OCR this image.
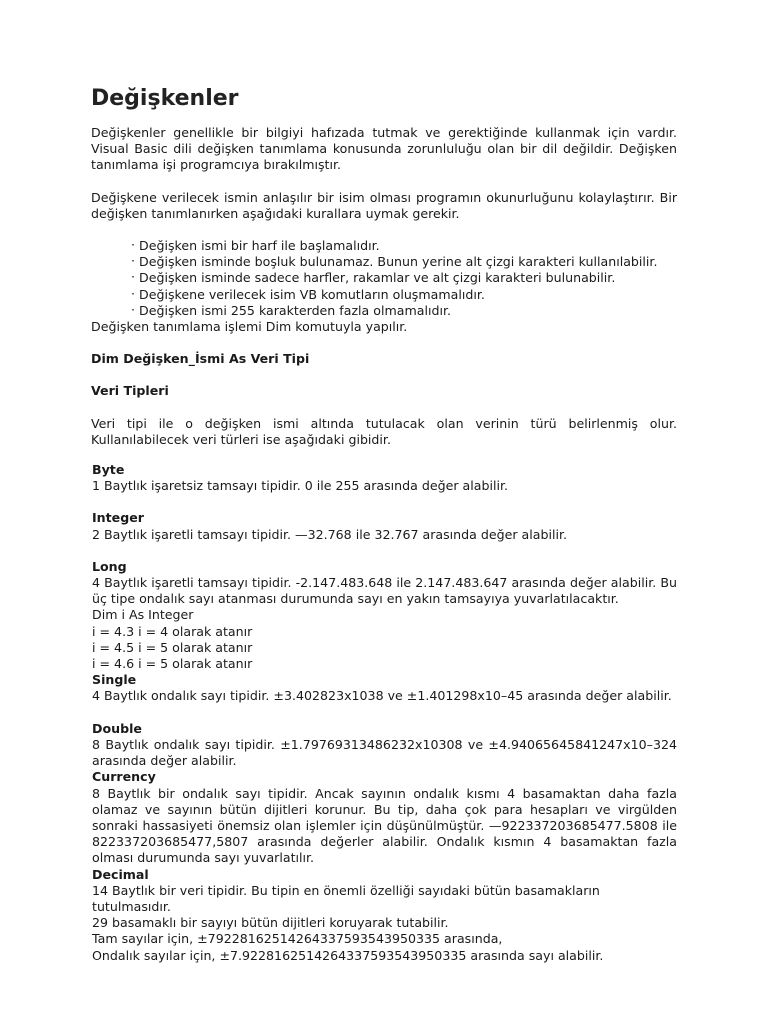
Değişkenler

Değişkenler genellikle bir bilgiyi hafızada tutmak ve gerektiğinde kullanmak için vardır. Visual Basic dili değişken tanımlama konusunda zorunluluğu olan bir dil değildir. Değişken tanımlama işi programcıya bırakılmıştır.

Değişkene verilecek ismin anlaşılır bir isim olması programın okunurluğunu kolaylaştırır. Bir değişken tanımlanırken aşağıdaki kurallara uymak gerekir.

· Değişken ismi bir harf ile başlamalıdır.
· Değişken isminde boşluk bulunamaz. Bunun yerine alt çizgi karakteri kullanılabilir.
· Değişken isminde sadece harfler, rakamlar ve alt çizgi karakteri bulunabilir.
· Değişkene verilecek isim VB komutların oluşmamalıdır.
· Değişken ismi 255 karakterden fazla olmamalıdır.

Değişken tanımlama işlemi Dim komutuyla yapılır.

Dim Değişken_İsmi As Veri Tipi

Veri Tipleri

Veri tipi ile o değişken ismi altında tutulacak olan verinin türü belirlenmiş olur. Kullanılabilecek veri türleri ise aşağıdaki gibidir.

Byte

1 Baytlık işaretsiz tamsayı tipidir. 0 ile 255 arasında değer alabilir.

Integer

2 Baytlık işaretli tamsayı tipidir. —32.768 ile 32.767 arasında değer alabilir.

Long

4 Baytlık işaretli tamsayı tipidir. -2.147.483.648 ile 2.147.483.647 arasında değer alabilir. Bu üç tipe ondalık sayı atanması durumunda sayı en yakın tamsayıya yuvarlatılacaktır.

Dim i As Integer

i = 4.3 i = 4 olarak atanır

i = 4.5 i = 5 olarak atanır

i = 4.6 i = 5 olarak atanır

Single

4 Baytlık ondalık sayı tipidir. ±3.402823x1038 ve ±1.401298x10–45 arasında değer alabilir.

Double

8 Baytlık ondalık sayı tipidir. ±1.79769313486232x10308 ve ±4.94065645841247x10–324 arasında değer alabilir.

Currency

8 Baytlık bir ondalık sayı tipidir. Ancak sayının ondalık kısmı 4 basamaktan daha fazla olamaz ve sayının bütün dijitleri korunur. Bu tip, daha çok para hesapları ve virgülden sonraki hassasiyeti önemsiz olan işlemler için düşünülmüştür. —922337203685477.5808 ile 822337203685477,5807 arasında değerler alabilir. Ondalık kısmın 4 basamaktan fazla olması durumunda sayı yuvarlatılır.

Decimal

14 Baytlık bir veri tipidir. Bu tipin en önemli özelliği sayıdaki bütün basamakların tutulmasıdır.

29 basamaklı bir sayıyı bütün dijitleri koruyarak tutabilir.

Tam sayılar için, ±79228162514264337593543950335 arasında,

Ondalık sayılar için, ±7.9228162514264337593543950335 arasında sayı alabilir.
